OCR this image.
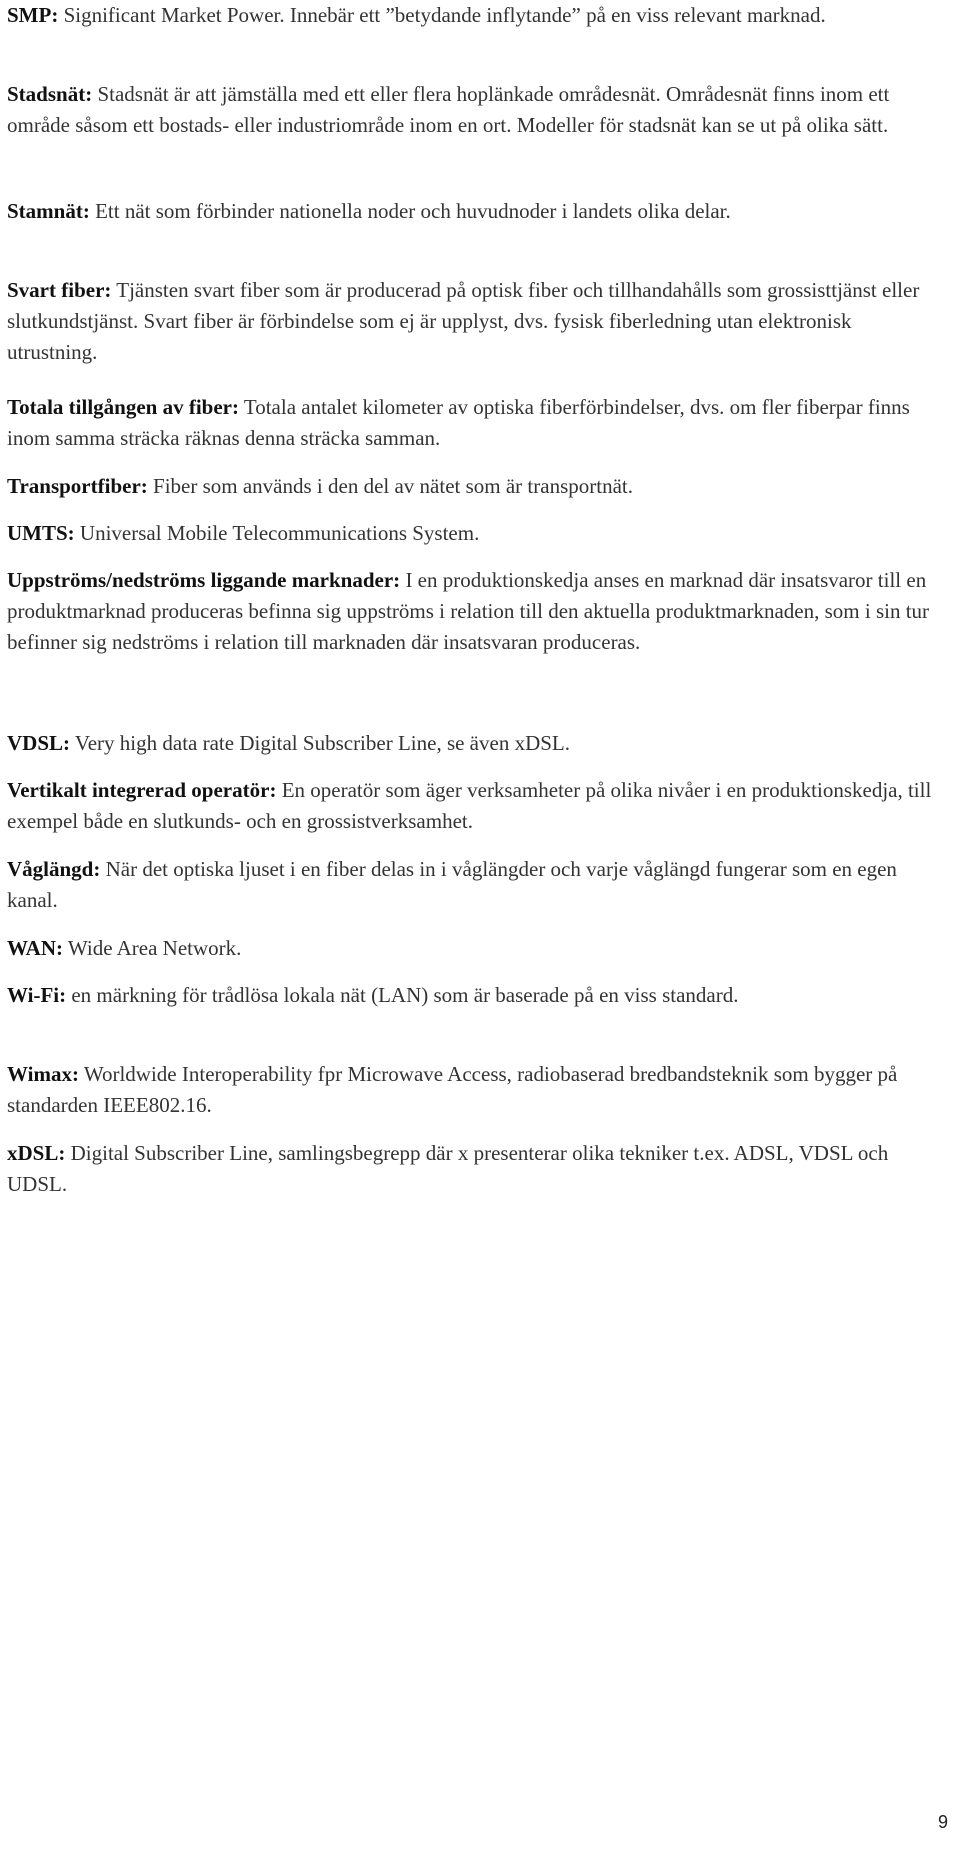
SMP: Significant Market Power. Innebär ett ”betydande inflytande” på en viss relevant marknad.

Stadsnät: Stadsnät är att jämställa med ett eller flera hoplänkade områdesnät. Områdesnät finns inom ett område såsom ett bostads- eller industriområde inom en ort. Modeller för stadsnät kan se ut på olika sätt.

Stamnät: Ett nät som förbinder nationella noder och huvudnoder i landets olika delar.

Svart fiber: Tjänsten svart fiber som är producerad på optisk fiber och tillhandahålls som grossisttjänst eller slutkundstjänst. Svart fiber är förbindelse som ej är upplyst, dvs. fysisk fiberledning utan elektronisk utrustning.

Totala tillgången av fiber: Totala antalet kilometer av optiska fiberförbindelser, dvs. om fler fiberpar finns inom samma sträcka räknas denna sträcka samman.

Transportfiber: Fiber som används i den del av nätet som är transportnät.

UMTS: Universal Mobile Telecommunications System.

Uppströms/nedströms liggande marknader: I en produktionskedja anses en marknad där insatsvaror till en produktmarknad produceras befinna sig uppströms i relation till den aktuella produktmarknaden, som i sin tur befinner sig nedströms i relation till marknaden där insatsvaran produceras.

VDSL: Very high data rate Digital Subscriber Line, se även xDSL.

Vertikalt integrerad operatör: En operatör som äger verksamheter på olika nivåer i en produktionskedja, till exempel både en slutkunds- och en grossistverksamhet.

Våglängd: När det optiska ljuset i en fiber delas in i våglängder och varje våglängd fungerar som en egen kanal.

WAN: Wide Area Network.

Wi-Fi: en märkning för trådlösa lokala nät (LAN) som är baserade på en viss standard.

Wimax: Worldwide Interoperability fpr Microwave Access, radiobaserad bredbandsteknik som bygger på standarden IEEE802.16.

xDSL: Digital Subscriber Line, samlingsbegrepp där x presenterar olika tekniker t.ex. ADSL, VDSL och UDSL.

9
